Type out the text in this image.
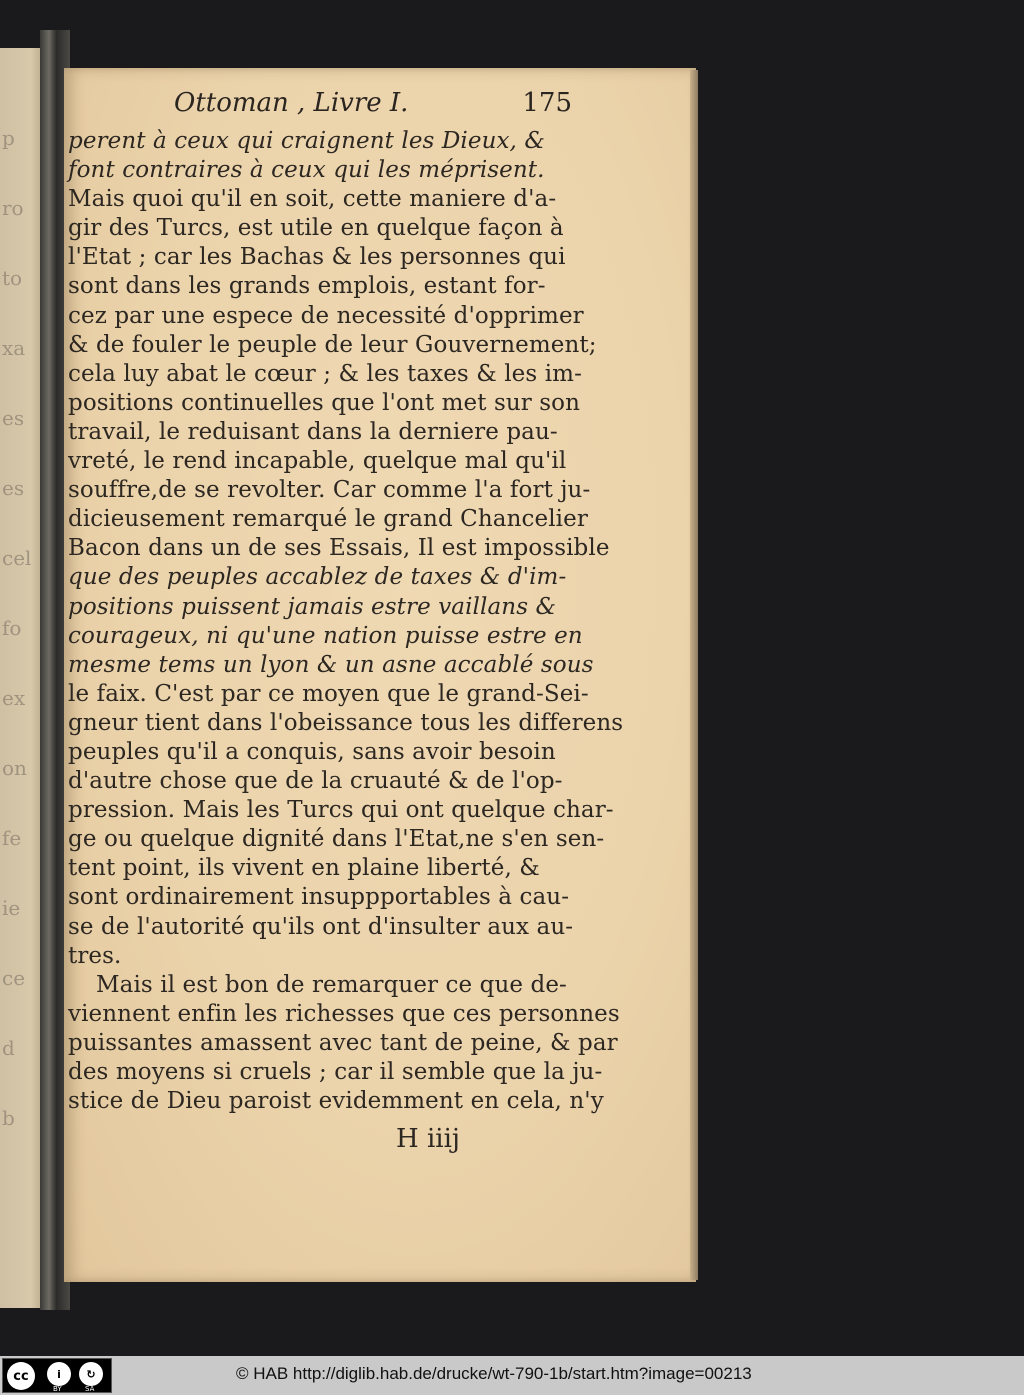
p
ro
to
xa
es
es
cel
fo
ex
on
fe
ie
ce
d
b
Ottoman , Livre I.	175
perent à ceux qui craignent les Dieux, &
font contraires à ceux qui les méprisent.
Mais quoi qu'il en soit, cette maniere d'a-
gir des Turcs, est utile en quelque façon à
l'Etat ; car les Bachas & les personnes qui
sont dans les grands emplois, estant for-
cez par une espece de necessité d'opprimer
& de fouler le peuple de leur Gouvernement;
cela luy abat le cœur ; & les taxes & les im-
positions continuelles que l'ont met sur son
travail, le reduisant dans la derniere pau-
vreté, le rend incapable, quelque mal qu'il
souffre,de se revolter. Car comme l'a fort ju-
dicieusement remarqué le grand Chancelier
Bacon dans un de ses Essais, Il est impossible
que des peuples accablez de taxes & d'im-
positions puissent jamais estre vaillans &
courageux, ni qu'une nation puisse estre en
mesme tems un lyon & un asne accablé sous
le faix. C'est par ce moyen que le grand-Sei-
gneur tient dans l'obeissance tous les differens
peuples qu'il a conquis, sans avoir besoin
d'autre chose que de la cruauté & de l'op-
pression. Mais les Turcs qui ont quelque char-
ge ou quelque dignité dans l'Etat,ne s'en sen-
tent point, ils vivent en plaine liberté, &
sont ordinairement insuppportables à cau-
se de l'autorité qu'ils ont d'insulter aux au-
tres.
Mais il est bon de remarquer ce que de-
viennent enfin les richesses que ces personnes
puissantes amassent avec tant de peine, & par
des moyens si cruels ; car il semble que la ju-
stice de Dieu paroist evidemment en cela, n'y
H iiij
cc	i	↻
BY	SA
© HAB http://diglib.hab.de/drucke/wt-790-1b/start.htm?image=00213
